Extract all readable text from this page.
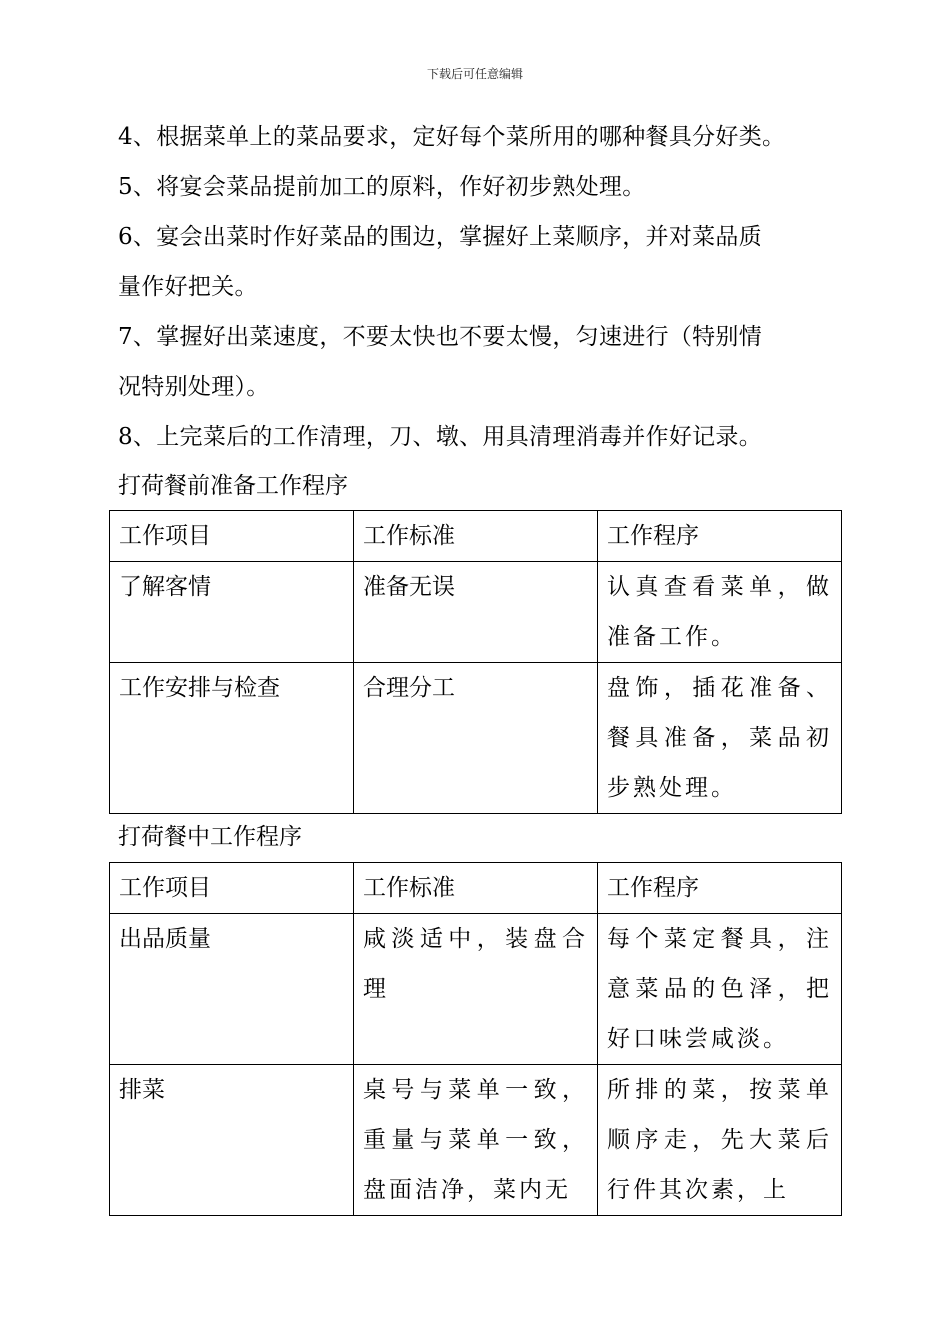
下载后可任意编辑
4、根据菜单上的菜品要求，定好每个菜所用的哪种餐具分好类。
5、将宴会菜品提前加工的原料，作好初步熟处理。
6、宴会出菜时作好菜品的围边，掌握好上菜顺序，并对菜品质
量作好把关。
7、掌握好出菜速度，不要太快也不要太慢，匀速进行（特别情
况特别处理）。
8、上完菜后的工作清理，刀、墩、用具清理消毒并作好记录。
打荷餐前准备工作程序
工作项目	工作标准	工作程序
了解客情	准备无误	认真查看菜单，做准备工作。
工作安排与检查	合理分工	盘饰，插花准备、餐具准备，菜品初步熟处理。
打荷餐中工作程序
工作项目	工作标准	工作程序
出品质量	咸淡适中，装盘合理	每个菜定餐具，注意菜品的色泽，把好口味尝咸淡。
排菜	桌号与菜单一致，重量与菜单一致，盘面洁净，菜内无	所排的菜，按菜单顺序走，先大菜后行件其次素，上
